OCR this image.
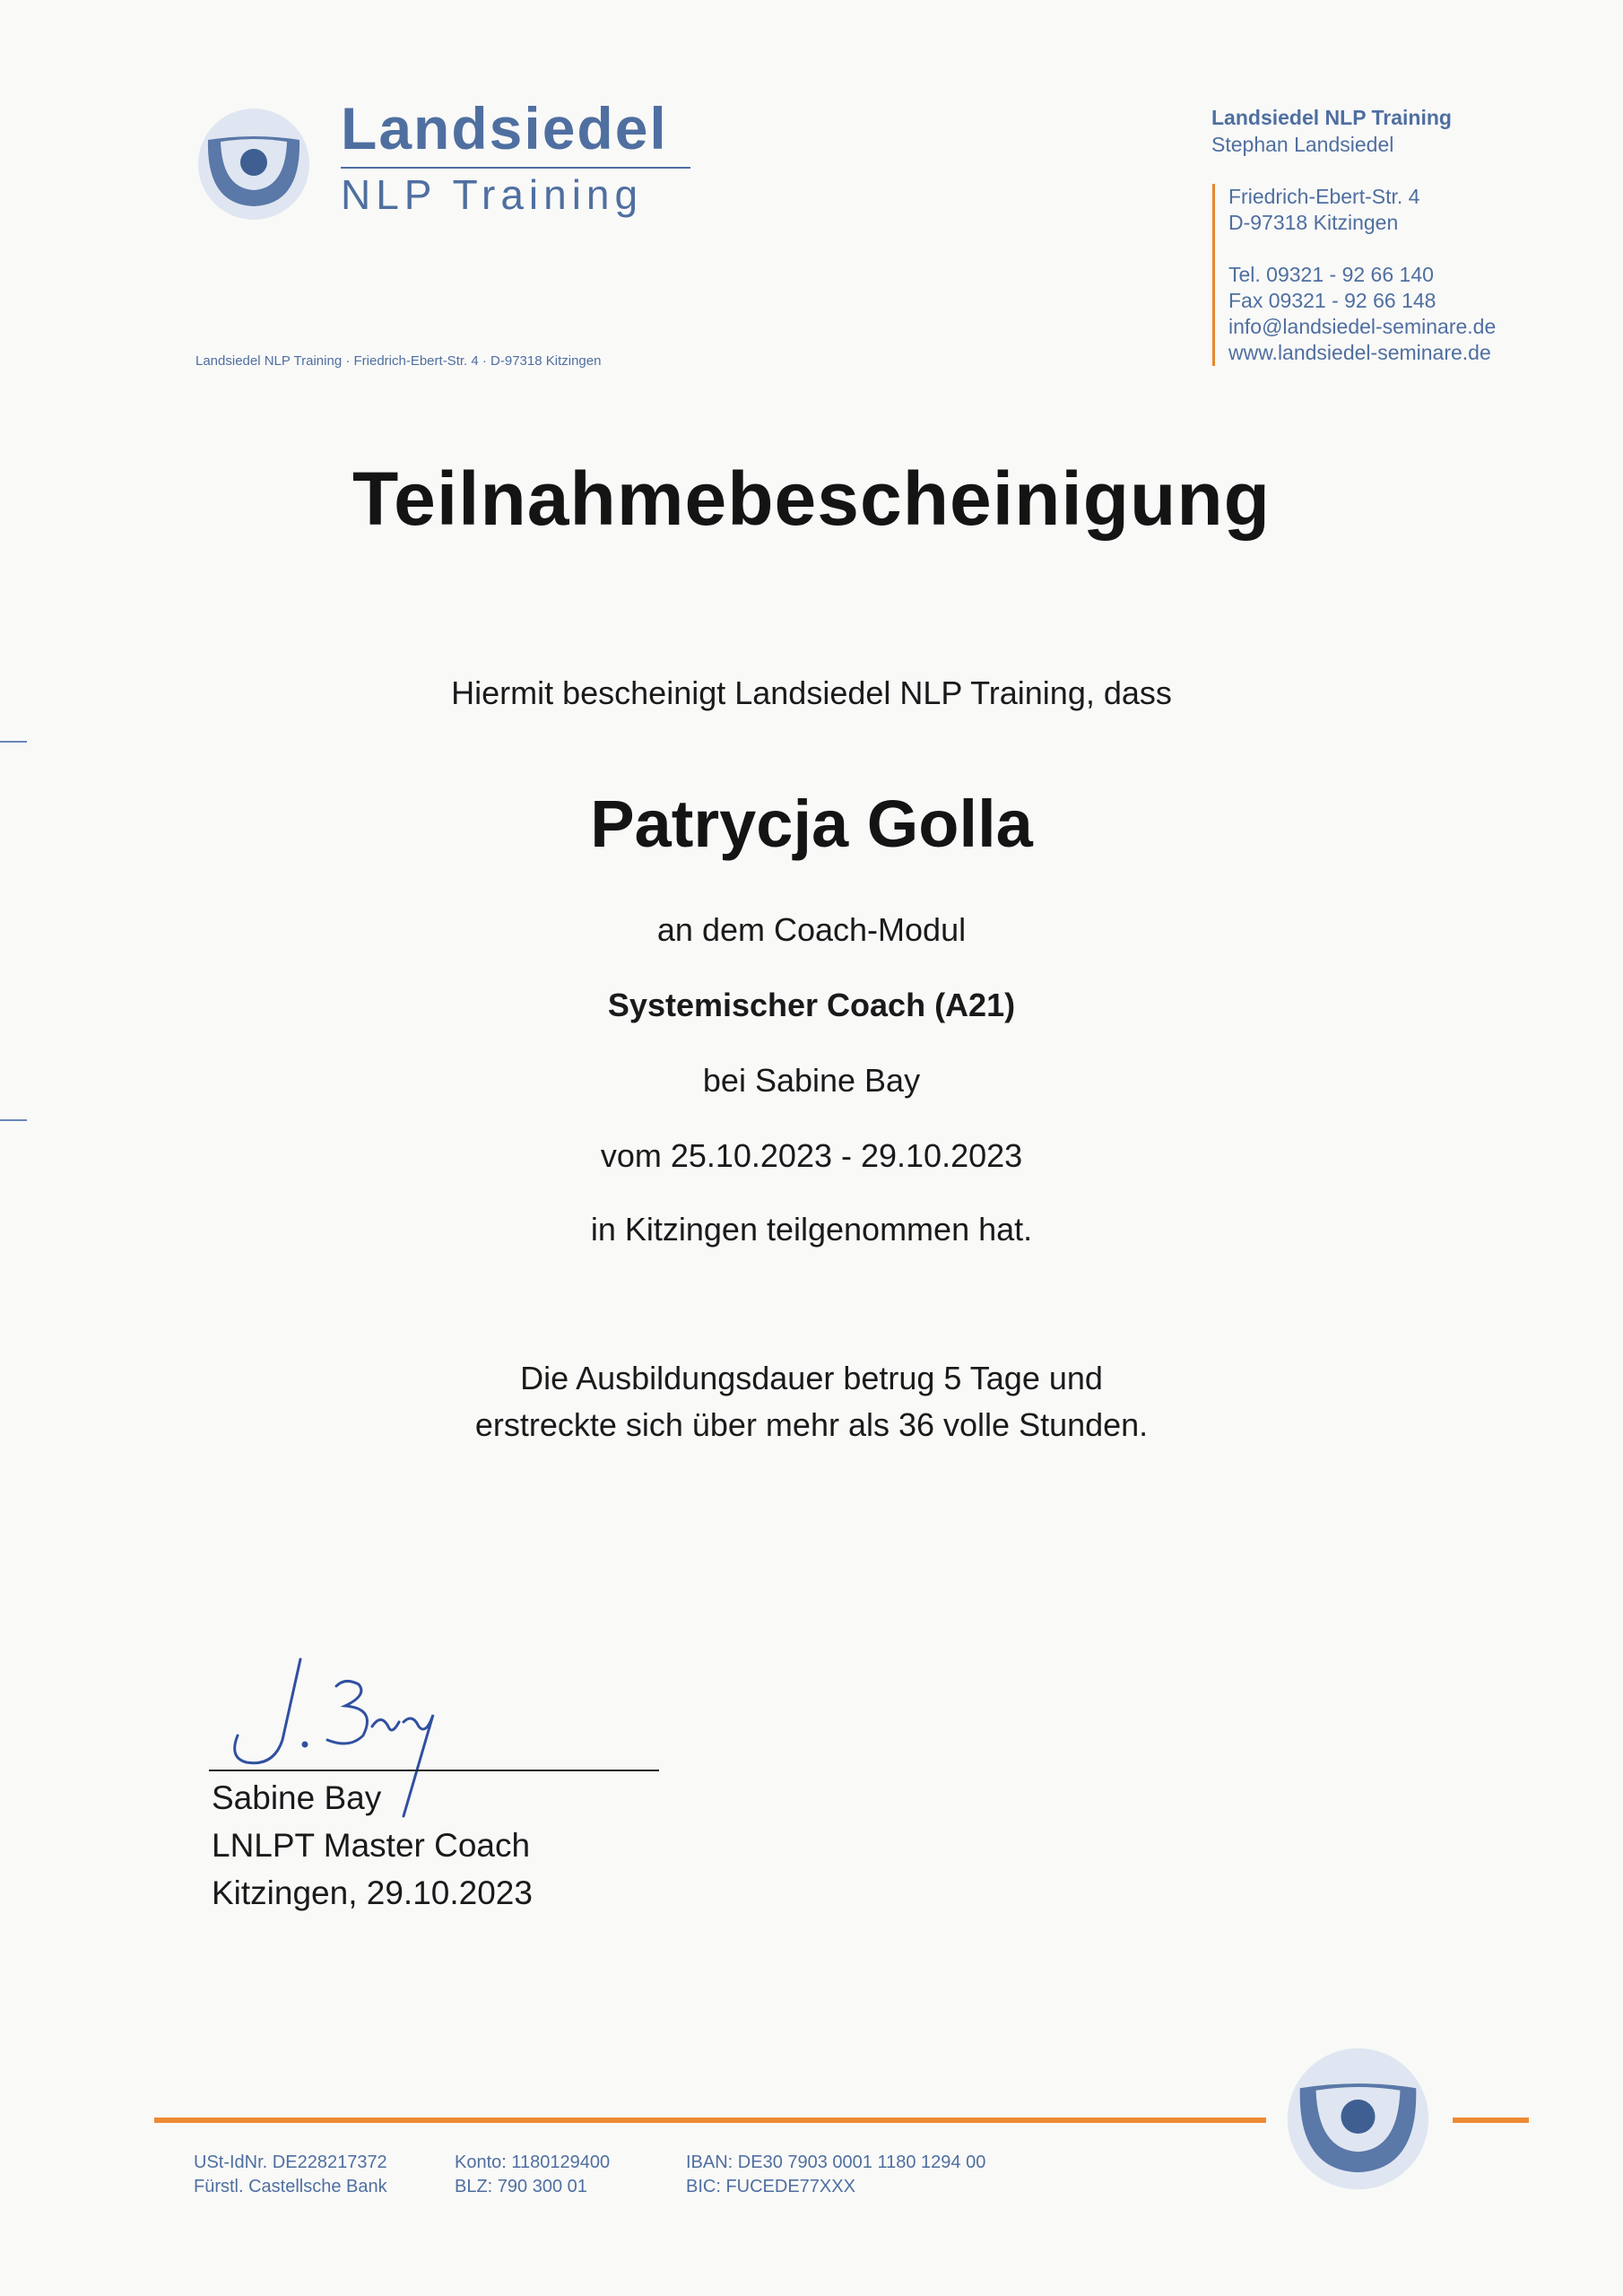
Landsiedel
NLP Training
Landsiedel NLP Training · Friedrich-Ebert-Str. 4 · D-97318 Kitzingen
Landsiedel NLP Training
Stephan Landsiedel
Friedrich-Ebert-Str. 4
D-97318 Kitzingen
Tel. 09321 - 92 66 140
Fax 09321 - 92 66 148
info@landsiedel-seminare.de
www.landsiedel-seminare.de
Teilnahmebescheinigung
Hiermit bescheinigt Landsiedel NLP Training, dass
Patrycja Golla
an dem Coach-Modul
Systemischer Coach (A21)
bei Sabine Bay
vom 25.10.2023 - 29.10.2023
in Kitzingen teilgenommen hat.
Die Ausbildungsdauer betrug 5 Tage und
erstreckte sich über mehr als 36 volle Stunden.
Sabine Bay
LNLPT Master Coach
Kitzingen, 29.10.2023
USt-IdNr. DE228217372
Fürstl. Castellsche Bank
Konto: 1180129400
BLZ: 790 300 01
IBAN: DE30 7903 0001 1180 1294 00
BIC: FUCEDE77XXX
